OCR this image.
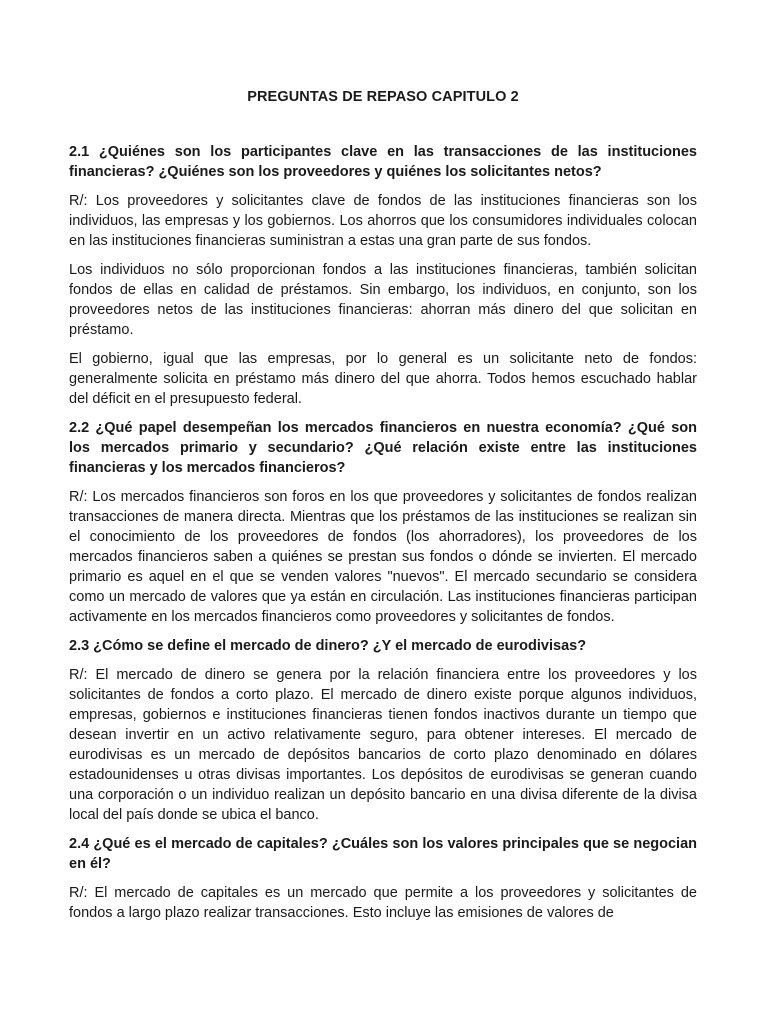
PREGUNTAS DE REPASO CAPITULO 2
2.1 ¿Quiénes son los participantes clave en las transacciones de las instituciones financieras? ¿Quiénes son los proveedores y quiénes los solicitantes netos?
R/: Los proveedores y solicitantes clave de fondos de las instituciones financieras son los individuos, las empresas y los gobiernos. Los ahorros que los consumidores individuales colocan en las instituciones financieras suministran a estas una gran parte de sus fondos.
Los individuos no sólo proporcionan fondos a las instituciones financieras, también solicitan fondos de ellas en calidad de préstamos. Sin embargo, los individuos, en conjunto, son los proveedores netos de las instituciones financieras: ahorran más dinero del que solicitan en préstamo.
El gobierno, igual que las empresas, por lo general es un solicitante neto de fondos: generalmente solicita en préstamo más dinero del que ahorra. Todos hemos escuchado hablar del déficit en el presupuesto federal.
2.2 ¿Qué papel desempeñan los mercados financieros en nuestra economía? ¿Qué son los mercados primario y secundario? ¿Qué relación existe entre las instituciones financieras y los mercados financieros?
R/: Los mercados financieros son foros en los que proveedores y solicitantes de fondos realizan transacciones de manera directa. Mientras que los préstamos de las instituciones se realizan sin el conocimiento de los proveedores de fondos (los ahorradores), los proveedores de los mercados financieros saben a quiénes se prestan sus fondos o dónde se invierten. El mercado primario es aquel en el que se venden valores "nuevos". El mercado secundario se considera como un mercado de valores que ya están en circulación. Las instituciones financieras participan activamente en los mercados financieros como proveedores y solicitantes de fondos.
2.3 ¿Cómo se define el mercado de dinero? ¿Y el mercado de eurodivisas?
R/: El mercado de dinero se genera por la relación financiera entre los proveedores y los solicitantes de fondos a corto plazo. El mercado de dinero existe porque algunos individuos, empresas, gobiernos e instituciones financieras tienen fondos inactivos durante un tiempo que desean invertir en un activo relativamente seguro, para obtener intereses. El mercado de eurodivisas es un mercado de depósitos bancarios de corto plazo denominado en dólares estadounidenses u otras divisas importantes. Los depósitos de eurodivisas se generan cuando una corporación o un individuo realizan un depósito bancario en una divisa diferente de la divisa local del país donde se ubica el banco.
2.4 ¿Qué es el mercado de capitales? ¿Cuáles son los valores principales que se negocian en él?
R/: El mercado de capitales es un mercado que permite a los proveedores y solicitantes de fondos a largo plazo realizar transacciones. Esto incluye las emisiones de valores de
